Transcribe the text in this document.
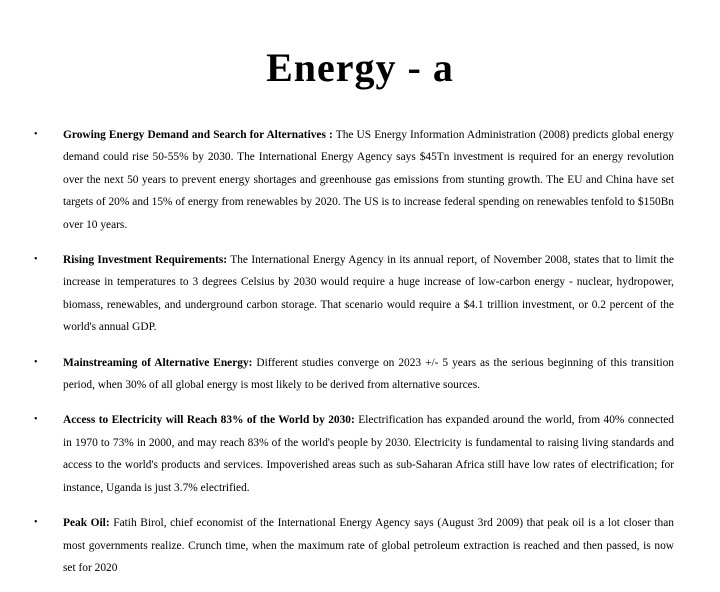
Energy - a
• Growing Energy Demand and Search for Alternatives : The US Energy Information Administration (2008) predicts global energy demand could rise 50-55% by 2030. The International Energy Agency says $45Tn investment is required for an energy revolution over the next 50 years to prevent energy shortages and greenhouse gas emissions from stunting growth. The EU and China have set targets of 20% and 15% of energy from renewables by 2020. The US is to increase federal spending on renewables tenfold to $150Bn over 10 years.
• Rising Investment Requirements: The International Energy Agency in its annual report, of November 2008, states that to limit the increase in temperatures to 3 degrees Celsius by 2030 would require a huge increase of low-carbon energy - nuclear, hydropower, biomass, renewables, and underground carbon storage. That scenario would require a $4.1 trillion investment, or 0.2 percent of the world's annual GDP.
• Mainstreaming of Alternative Energy: Different studies converge on 2023 +/- 5 years as the serious beginning of this transition period, when 30% of all global energy is most likely to be derived from alternative sources.
• Access to Electricity will Reach 83% of the World by 2030: Electrification has expanded around the world, from 40% connected in 1970 to 73% in 2000, and may reach 83% of the world's people by 2030. Electricity is fundamental to raising living standards and access to the world's products and services. Impoverished areas such as sub-Saharan Africa still have low rates of electrification; for instance, Uganda is just 3.7% electrified.
• Peak Oil: Fatih Birol, chief economist of the International Energy Agency says (August 3rd 2009) that peak oil is a lot closer than most governments realize. Crunch time, when the maximum rate of global petroleum extraction is reached and then passed, is now set for 2020
